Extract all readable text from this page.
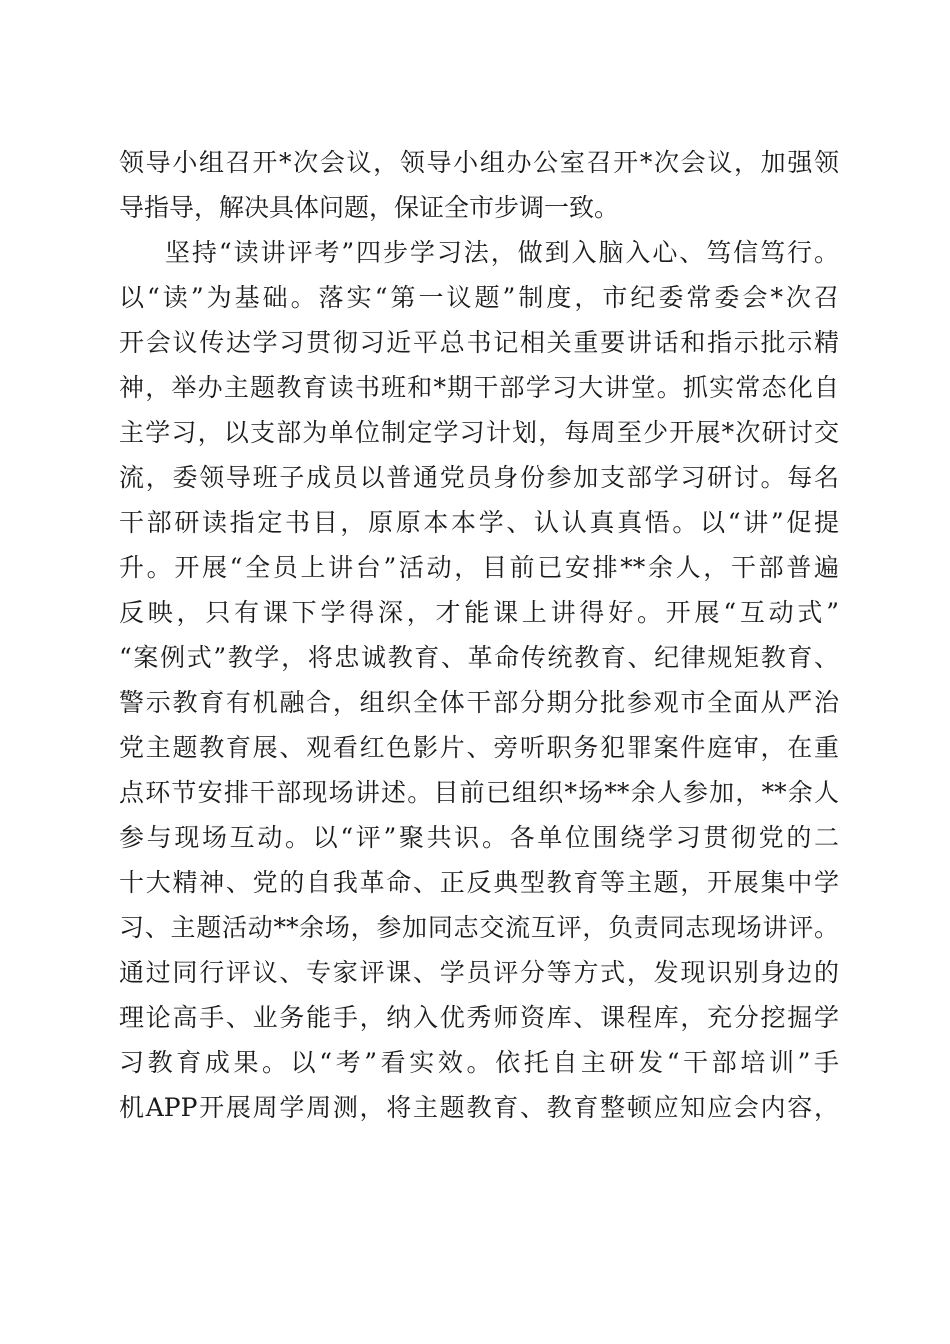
领导小组召开*次会议，领导小组办公室召开*次会议，加强领
导指导，解决具体问题，保证全市步调一致。
坚持“读讲评考”四步学习法，做到入脑入心、笃信笃行。
以“读”为基础。落实“第一议题”制度，市纪委常委会*次召
开会议传达学习贯彻习近平总书记相关重要讲话和指示批示精
神，举办主题教育读书班和*期干部学习大讲堂。抓实常态化自
主学习，以支部为单位制定学习计划，每周至少开展*次研讨交
流，委领导班子成员以普通党员身份参加支部学习研讨。每名
干部研读指定书目，原原本本学、认认真真悟。以“讲”促提
升。开展“全员上讲台”活动，目前已安排**余人，干部普遍
反映，只有课下学得深，才能课上讲得好。开展“互动式”
“案例式”教学，将忠诚教育、革命传统教育、纪律规矩教育、
警示教育有机融合，组织全体干部分期分批参观市全面从严治
党主题教育展、观看红色影片、旁听职务犯罪案件庭审，在重
点环节安排干部现场讲述。目前已组织*场**余人参加，**余人
参与现场互动。以“评”聚共识。各单位围绕学习贯彻党的二
十大精神、党的自我革命、正反典型教育等主题，开展集中学
习、主题活动**余场，参加同志交流互评，负责同志现场讲评。
通过同行评议、专家评课、学员评分等方式，发现识别身边的
理论高手、业务能手，纳入优秀师资库、课程库，充分挖掘学
习教育成果。以“考”看实效。依托自主研发“干部培训”手
机APP开展周学周测，将主题教育、教育整顿应知应会内容，
